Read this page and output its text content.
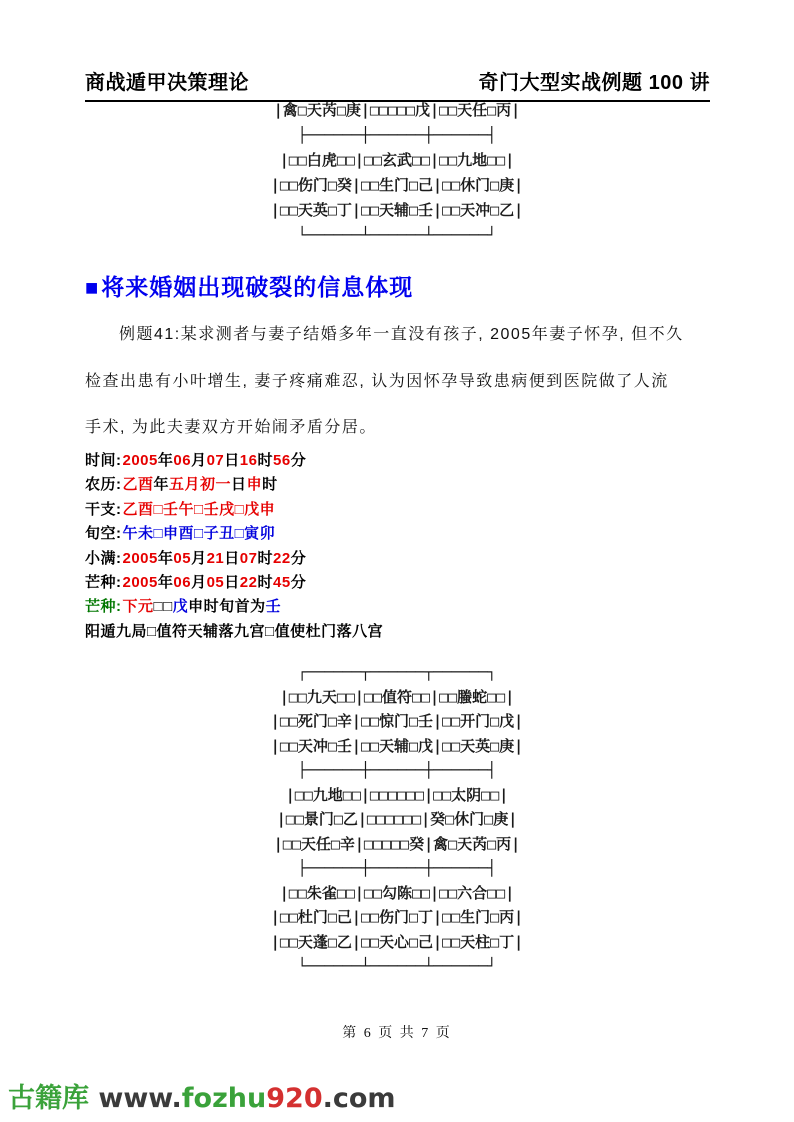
商战遁甲决策理论	奇门大型实战例题 100 讲
|禽□天芮□庚|□□□□□戊|□□天任□丙|
├──────┼──────┼──────┤
|□□白虎□□|□□玄武□□|□□九地□□|
|□□伤门□癸|□□生门□己|□□休门□庚|
|□□天英□丁|□□天辅□壬|□□天冲□乙|
└──────┴──────┴──────┘
■将来婚姻出现破裂的信息体现
例题41:某求测者与妻子结婚多年一直没有孩子, 2005年妻子怀孕, 但不久
检查出患有小叶增生, 妻子疼痛难忍, 认为因怀孕导致患病便到医院做了人流
手术, 为此夫妻双方开始闹矛盾分居。
时间:2005年06月07日16时56分
农历:乙酉年五月初一日申时
干支:乙酉□壬午□壬戌□戊申
旬空:午未□申酉□子丑□寅卯
小满:2005年05月21日07时22分
芒种:2005年06月05日22时45分
芒种:下元□□戊申时旬首为壬
阳遁九局□值符天辅落九宫□值使杜门落八宫
┌──────┬──────┬──────┐
|□□九天□□|□□值符□□|□□螣蛇□□|
|□□死门□辛|□□惊门□壬|□□开门□戊|
|□□天冲□壬|□□天辅□戊|□□天英□庚|
├──────┼──────┼──────┤
|□□九地□□|□□□□□□|□□太阴□□|
|□□景门□乙|□□□□□□|癸□休门□庚|
|□□天任□辛|□□□□□癸|禽□天芮□丙|
├──────┼──────┼──────┤
|□□朱雀□□|□□勾陈□□|□□六合□□|
|□□杜门□己|□□伤门□丁|□□生门□丙|
|□□天蓬□乙|□□天心□己|□□天柱□丁|
└──────┴──────┴──────┘
第 6 页 共 7 页
古籍库 www.fozhu920.com
